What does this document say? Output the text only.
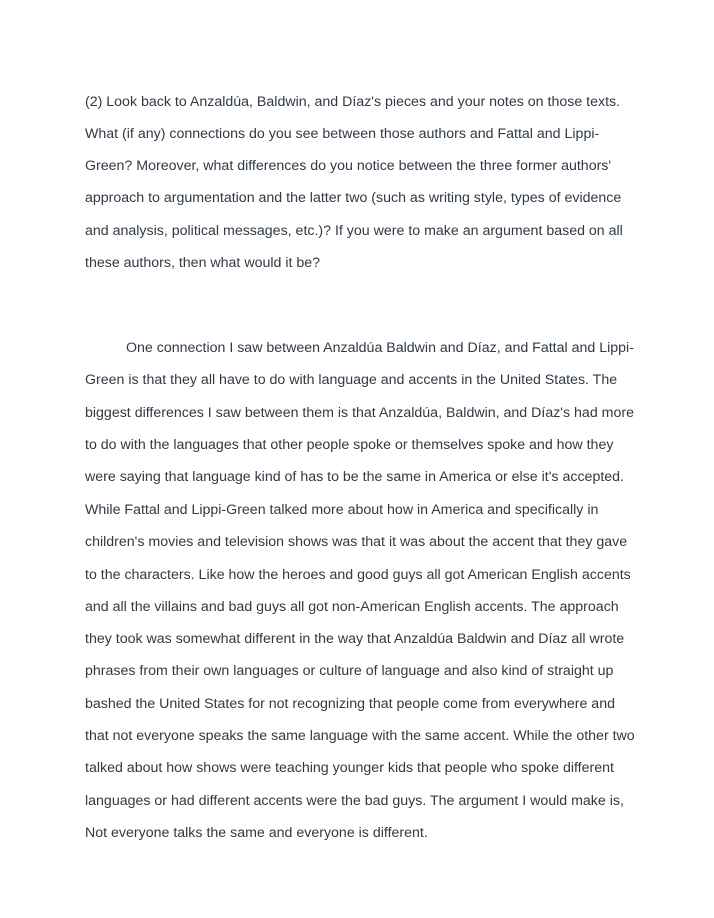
(2) Look back to Anzaldúa, Baldwin, and Díaz's pieces and your notes on those texts.
What (if any) connections do you see between those authors and Fattal and Lippi-
Green? Moreover, what differences do you notice between the three former authors'
approach to argumentation and the latter two (such as writing style, types of evidence
and analysis, political messages, etc.)? If you were to make an argument based on all
these authors, then what would it be?
One connection I saw between Anzaldúa Baldwin and Díaz, and Fattal and Lippi-
Green is that they all have to do with language and accents in the United States. The
biggest differences I saw between them is that Anzaldúa, Baldwin, and Díaz's had more
to do with the languages that other people spoke or themselves spoke and how they
were saying that language kind of has to be the same in America or else it's accepted.
While Fattal and Lippi-Green talked more about how in America and specifically in
children's movies and television shows was that it was about the accent that they gave
to the characters. Like how the heroes and good guys all got American English accents
and all the villains and bad guys all got non-American English accents. The approach
they took was somewhat different in the way that Anzaldúa Baldwin and Díaz all wrote
phrases from their own languages or culture of language and also kind of straight up
bashed the United States for not recognizing that people come from everywhere and
that not everyone speaks the same language with the same accent. While the other two
talked about how shows were teaching younger kids that people who spoke different
languages or had different accents were the bad guys. The argument I would make is,
Not everyone talks the same and everyone is different.
